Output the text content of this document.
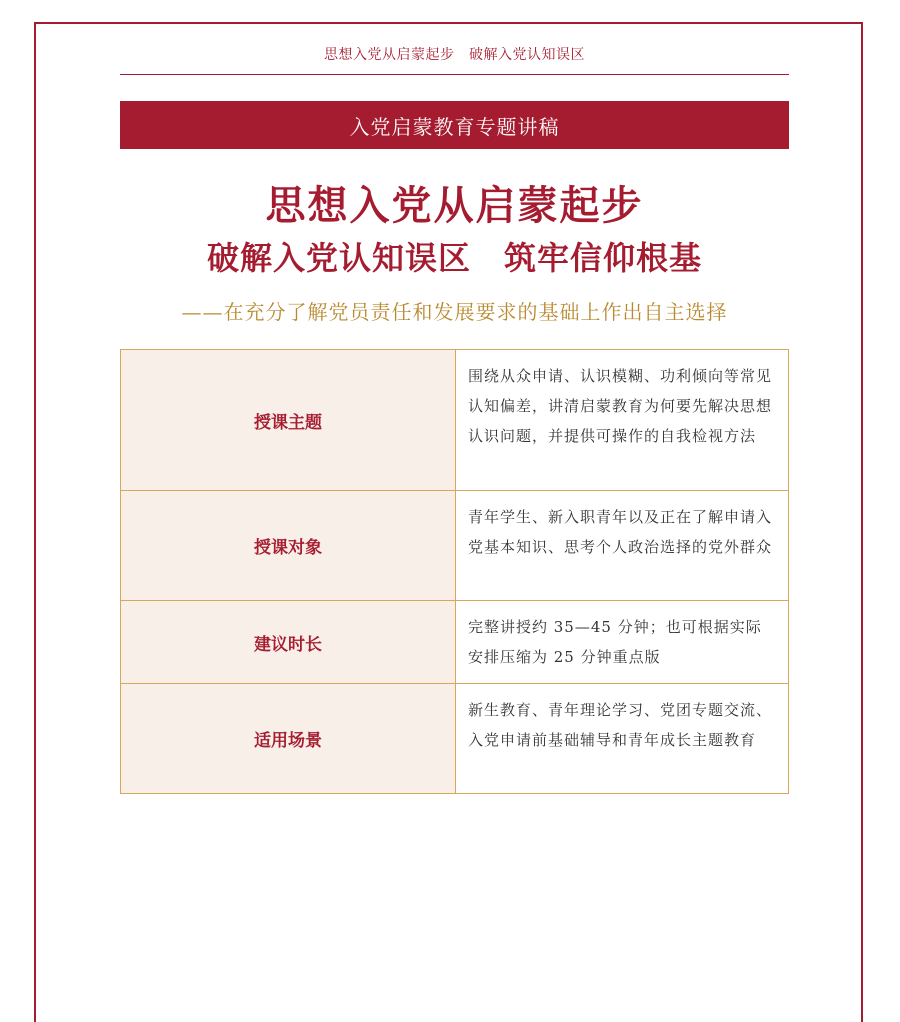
思想入党从启蒙起步　破解入党认知误区
入党启蒙教育专题讲稿
思想入党从启蒙起步
破解入党认知误区　筑牢信仰根基
——在充分了解党员责任和发展要求的基础上作出自主选择
授课主题	围绕从众申请、认识模糊、功利倾向等常见认知偏差，讲清启蒙教育为何要先解决思想认识问题，并提供可操作的自我检视方法
授课对象	青年学生、新入职青年以及正在了解申请入党基本知识、思考个人政治选择的党外群众
建议时长	完整讲授约 35—45 分钟；也可根据实际安排压缩为 25 分钟重点版
适用场景	新生教育、青年理论学习、党团专题交流、入党申请前基础辅导和青年成长主题教育
